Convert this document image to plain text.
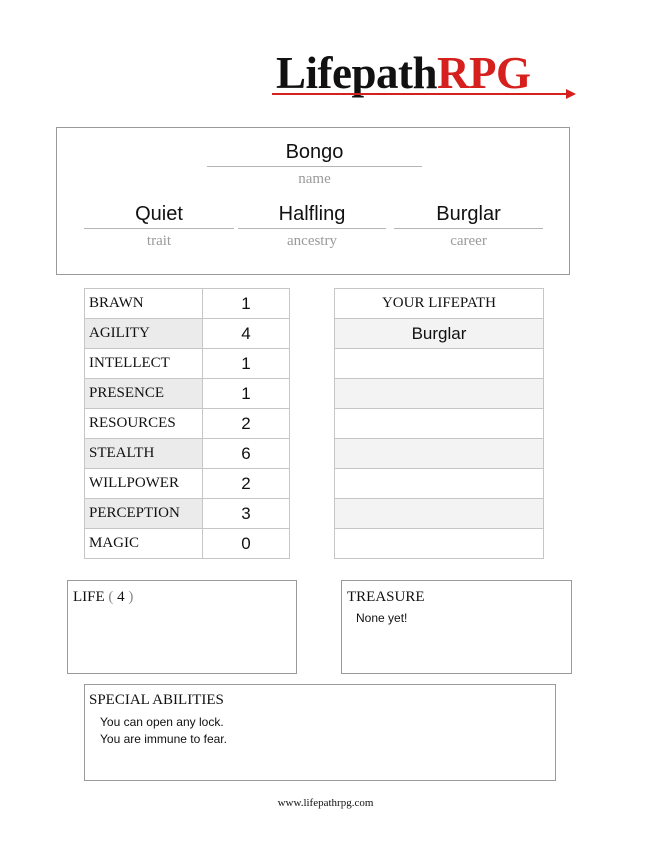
LifepathRPG
Bongo
name
Quiet
trait
Halfling
ancestry
Burglar
career
BRAWN	1
AGILITY	4
INTELLECT	1
PRESENCE	1
RESOURCES	2
STEALTH	6
WILLPOWER	2
PERCEPTION	3
MAGIC	0
YOUR LIFEPATH
Burglar

LIFE ( 4 )	TREASURE
None yet!
SPECIAL ABILITIES
You can open any lock.
You are immune to fear.
www.lifepathrpg.com
